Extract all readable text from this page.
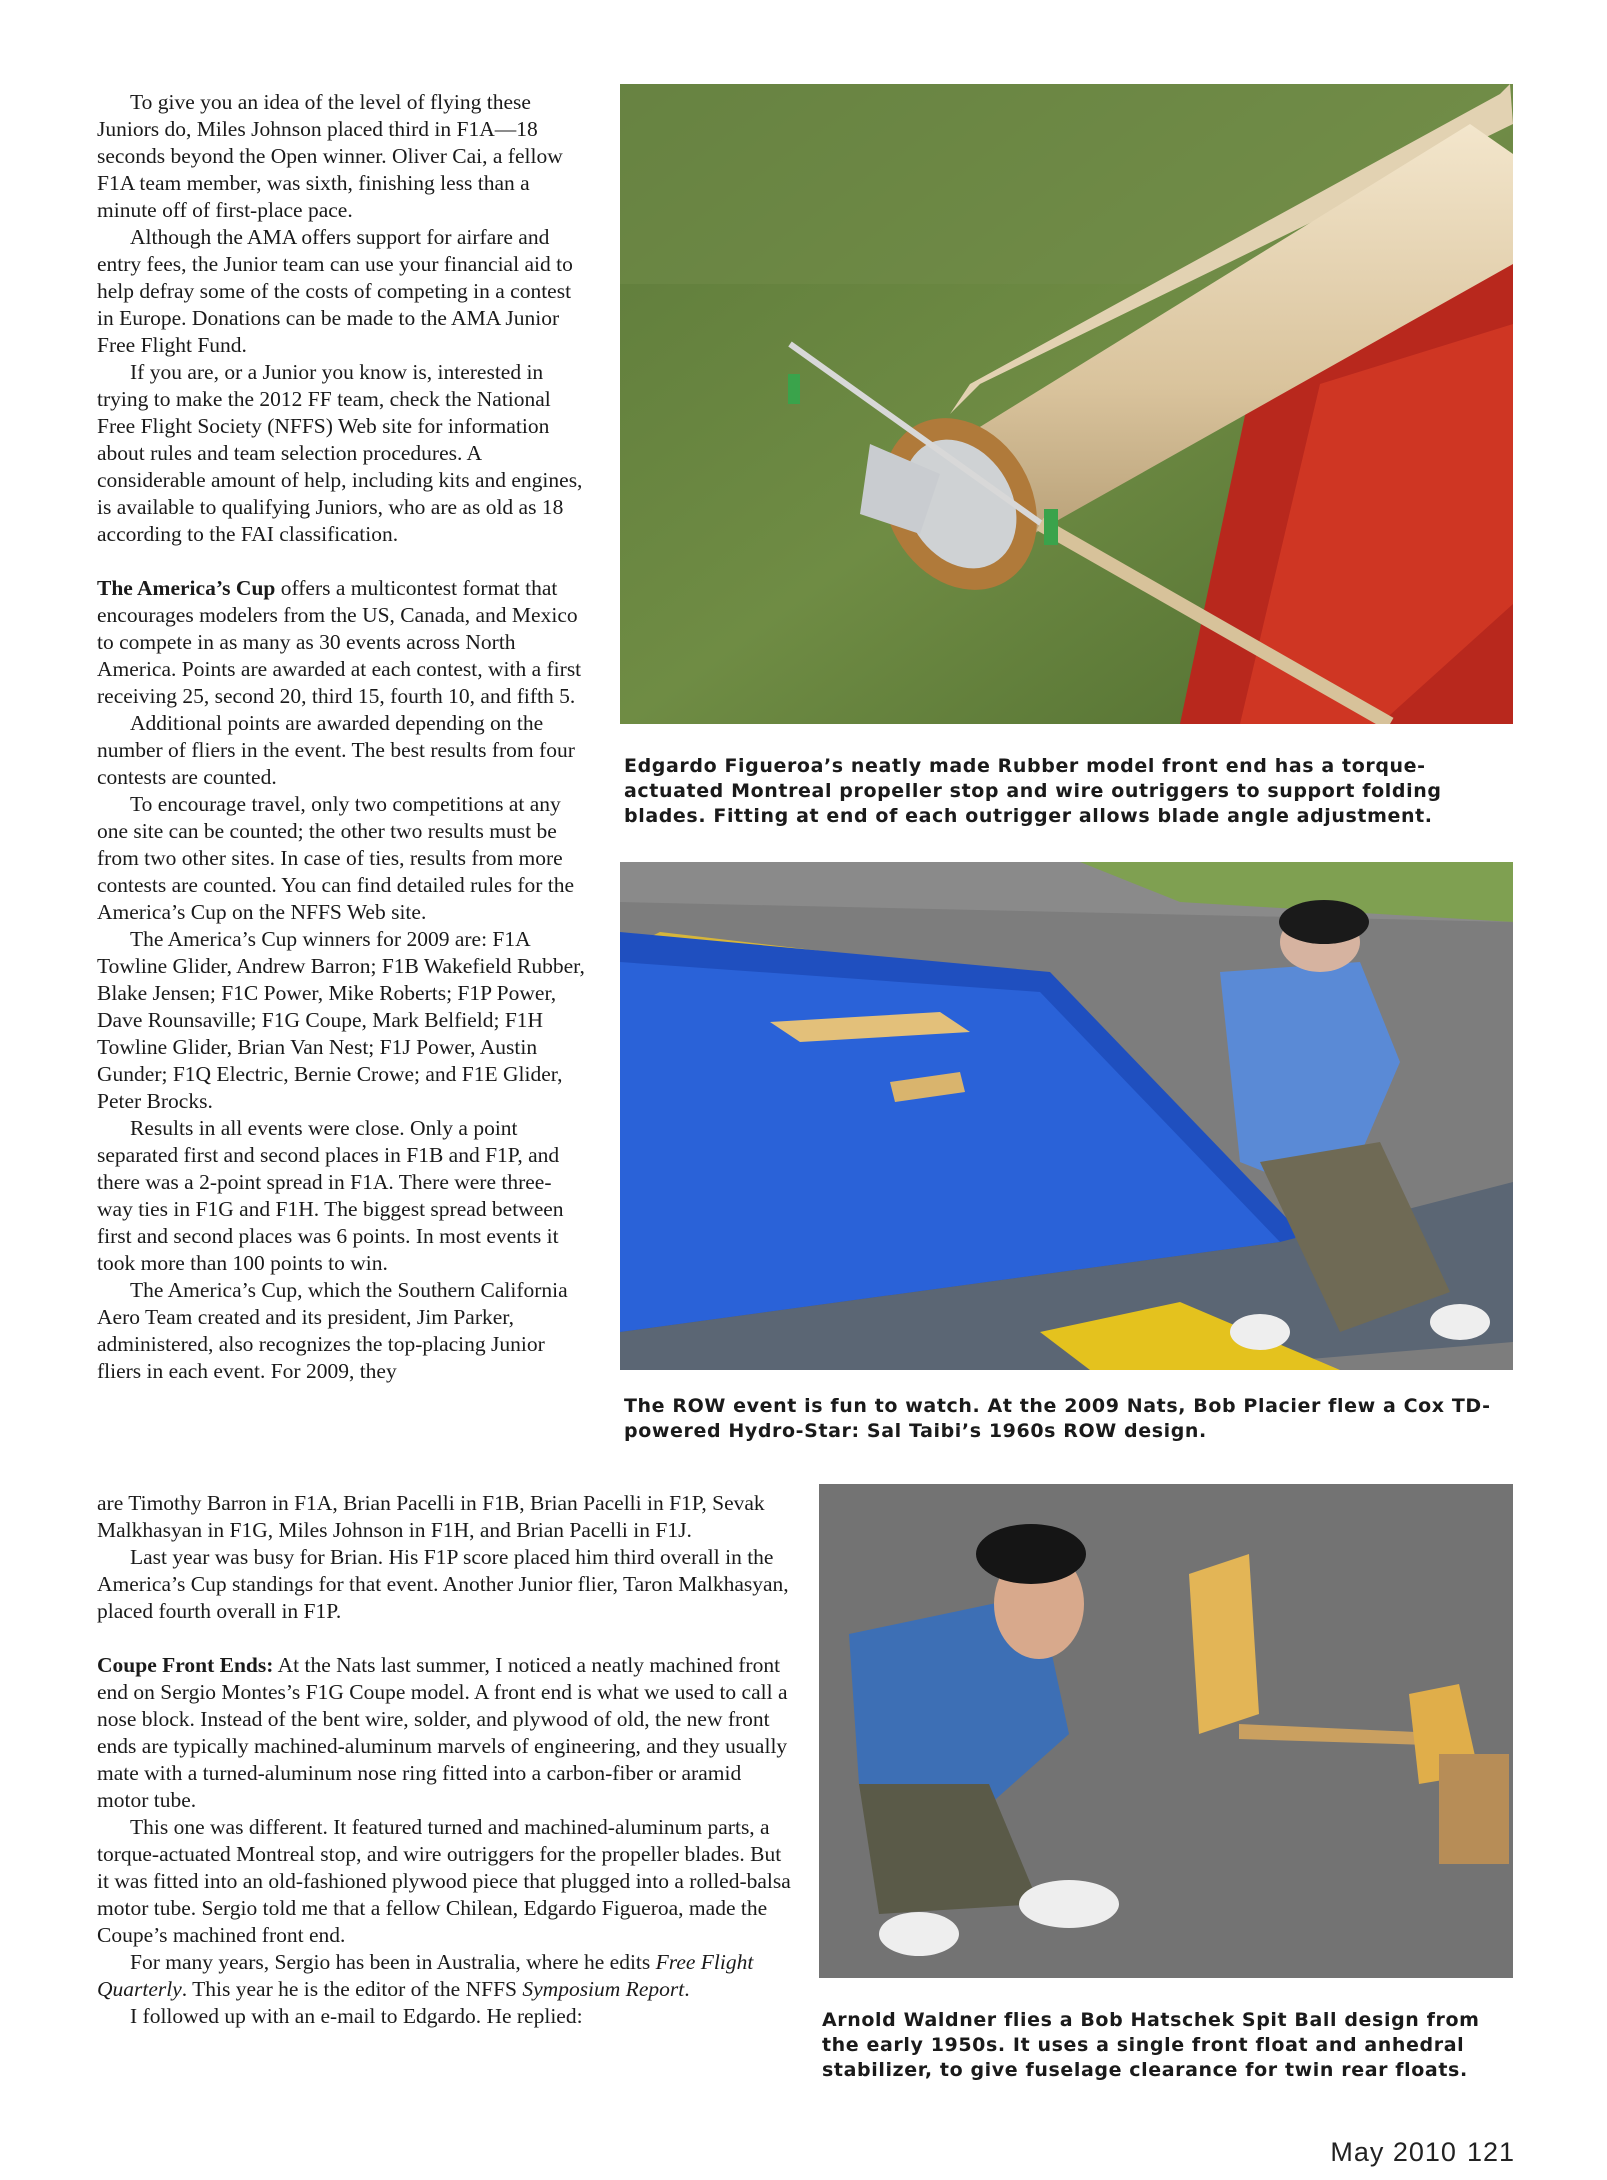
To give you an idea of the level of flying these Juniors do, Miles Johnson placed third in F1A—18 seconds beyond the Open winner. Oliver Cai, a fellow F1A team member, was sixth, finishing less than a minute off of first-place pace.

Although the AMA offers support for airfare and entry fees, the Junior team can use your financial aid to help defray some of the costs of competing in a contest in Europe. Donations can be made to the AMA Junior Free Flight Fund.

If you are, or a Junior you know is, interested in trying to make the 2012 FF team, check the National Free Flight Society (NFFS) Web site for information about rules and team selection procedures. A considerable amount of help, including kits and engines, is available to qualifying Juniors, who are as old as 18 according to the FAI classification.

The America’s Cup offers a multicontest format that encourages modelers from the US, Canada, and Mexico to compete in as many as 30 events across North America. Points are awarded at each contest, with a first receiving 25, second 20, third 15, fourth 10, and fifth 5.

Additional points are awarded depending on the number of fliers in the event. The best results from four contests are counted.

To encourage travel, only two competitions at any one site can be counted; the other two results must be from two other sites. In case of ties, results from more contests are counted. You can find detailed rules for the America’s Cup on the NFFS Web site.

The America’s Cup winners for 2009 are: F1A Towline Glider, Andrew Barron; F1B Wakefield Rubber, Blake Jensen; F1C Power, Mike Roberts; F1P Power, Dave Rounsaville; F1G Coupe, Mark Belfield; F1H Towline Glider, Brian Van Nest; F1J Power, Austin Gunder; F1Q Electric, Bernie Crowe; and F1E Glider, Peter Brocks.

Results in all events were close. Only a point separated first and second places in F1B and F1P, and there was a 2-point spread in F1A. There were three-way ties in F1G and F1H. The biggest spread between first and second places was 6 points. In most events it took more than 100 points to win.

The America’s Cup, which the Southern California Aero Team created and its president, Jim Parker, administered, also recognizes the top-placing Junior fliers in each event. For 2009, they

are Timothy Barron in F1A, Brian Pacelli in F1B, Brian Pacelli in F1P, Sevak Malkhasyan in F1G, Miles Johnson in F1H, and Brian Pacelli in F1J.

Last year was busy for Brian. His F1P score placed him third overall in the America’s Cup standings for that event. Another Junior flier, Taron Malkhasyan, placed fourth overall in F1P.

Coupe Front Ends: At the Nats last summer, I noticed a neatly machined front end on Sergio Montes’s F1G Coupe model. A front end is what we used to call a nose block. Instead of the bent wire, solder, and plywood of old, the new front ends are typically machined-aluminum marvels of engineering, and they usually mate with a turned-aluminum nose ring fitted into a carbon-fiber or aramid motor tube.

This one was different. It featured turned and machined-aluminum parts, a torque-actuated Montreal stop, and wire outriggers for the propeller blades. But it was fitted into an old-fashioned plywood piece that plugged into a rolled-balsa motor tube. Sergio told me that a fellow Chilean, Edgardo Figueroa, made the Coupe’s machined front end.

For many years, Sergio has been in Australia, where he edits Free Flight Quarterly. This year he is the editor of the NFFS Symposium Report.

I followed up with an e-mail to Edgardo. He replied:

Edgardo Figueroa’s neatly made Rubber model front end has a torque-actuated Montreal propeller stop and wire outriggers to support folding blades. Fitting at end of each outrigger allows blade angle adjustment.
The ROW event is fun to watch. At the 2009 Nats, Bob Placier flew a Cox TD-powered Hydro-Star: Sal Taibi’s 1960s ROW design.
Arnold Waldner flies a Bob Hatschek Spit Ball design from the early 1950s. It uses a single front float and anhedral stabilizer, to give fuselage clearance for twin rear floats.
May 2010 121
